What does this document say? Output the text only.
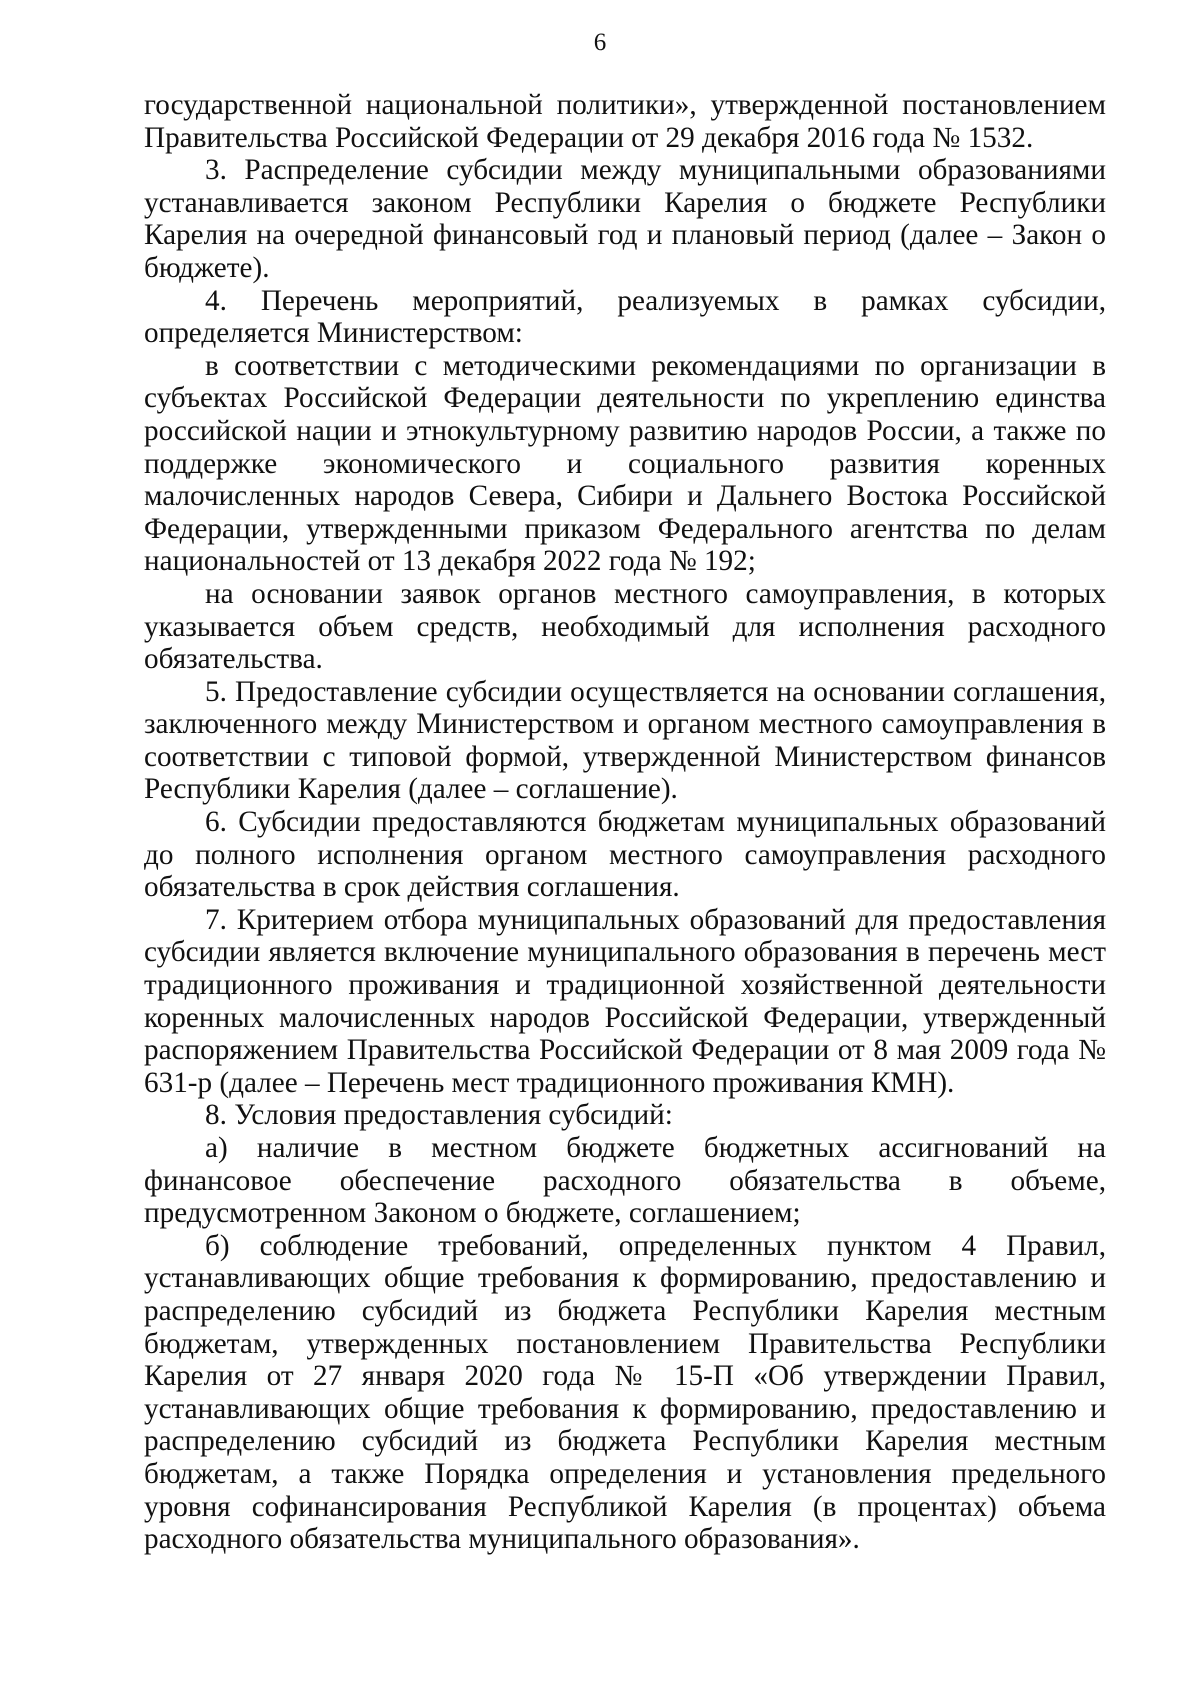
6

государственной национальной политики», утвержденной постановлением Правительства Российской Федерации от 29 декабря 2016 года № 1532.

3. Распределение субсидии между муниципальными образованиями устанавливается законом Республики Карелия о бюджете Республики Карелия на очередной финансовый год и плановый период (далее – Закон о бюджете).

4. Перечень мероприятий, реализуемых в рамках субсидии, определяется Министерством:

в соответствии с методическими рекомендациями по организации в субъектах Российской Федерации деятельности по укреплению единства российской нации и этнокультурному развитию народов России, а также по поддержке экономического и социального развития коренных малочисленных народов Севера, Сибири и Дальнего Востока Российской Федерации, утвержденными приказом Федерального агентства по делам национальностей от 13 декабря 2022 года № 192;

на основании заявок органов местного самоуправления, в которых указывается объем средств, необходимый для исполнения расходного обязательства.

5. Предоставление субсидии осуществляется на основании соглашения, заключенного между Министерством и органом местного самоуправления в соответствии с типовой формой, утвержденной Министерством финансов Республики Карелия (далее – соглашение).

6. Субсидии предоставляются бюджетам муниципальных образований до полного исполнения органом местного самоуправления расходного обязательства в срок действия соглашения.

7. Критерием отбора муниципальных образований для предоставления субсидии является включение муниципального образования в перечень мест традиционного проживания и традиционной хозяйственной деятельности коренных малочисленных народов Российской Федерации, утвержденный распоряжением Правительства Российской Федерации от 8 мая 2009 года № 631-р (далее – Перечень мест традиционного проживания КМН).

8. Условия предоставления субсидий:

а) наличие в местном бюджете бюджетных ассигнований на финансовое обеспечение расходного обязательства в объеме, предусмотренном Законом о бюджете, соглашением;

б) соблюдение требований, определенных пунктом 4 Правил, устанавливающих общие требования к формированию, предоставлению и распределению субсидий из бюджета Республики Карелия местным бюджетам, утвержденных постановлением Правительства Республики Карелия от 27 января 2020 года № 15-П «Об утверждении Правил, устанавливающих общие требования к формированию, предоставлению и распределению субсидий из бюджета Республики Карелия местным бюджетам, а также Порядка определения и установления предельного уровня софинансирования Республикой Карелия (в процентах) объема расходного обязательства муниципального образования».
